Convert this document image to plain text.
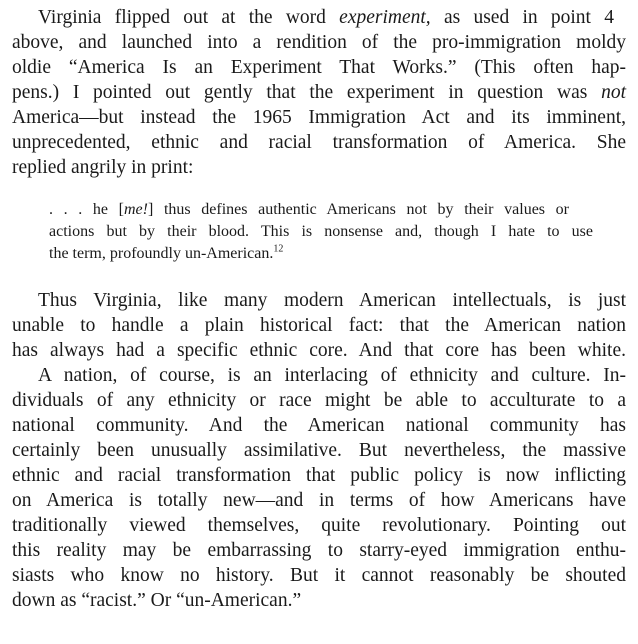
Virginia flipped out at the word experiment, as used in point 4
above, and launched into a rendition of the pro-immigration moldy
oldie “America Is an Experiment That Works.” (This often hap-
pens.) I pointed out gently that the experiment in question was not
America—but instead the 1965 Immigration Act and its imminent,
unprecedented, ethnic and racial transformation of America. She
replied angrily in print:
. . . he [me!] thus defines authentic Americans not by their values or
actions but by their blood. This is nonsense and, though I hate to use
the term, profoundly un-American.$^{12}$
Thus Virginia, like many modern American intellectuals, is just
unable to handle a plain historical fact: that the American nation
has always had a specific ethnic core. And that core has been white.
A nation, of course, is an interlacing of ethnicity and culture. In-
dividuals of any ethnicity or race might be able to acculturate to a
national community. And the American national community has
certainly been unusually assimilative. But nevertheless, the massive
ethnic and racial transformation that public policy is now inflicting
on America is totally new—and in terms of how Americans have
traditionally viewed themselves, quite revolutionary. Pointing out
this reality may be embarrassing to starry-eyed immigration enthu-
siasts who know no history. But it cannot reasonably be shouted
down as “racist.” Or “un-American.”
